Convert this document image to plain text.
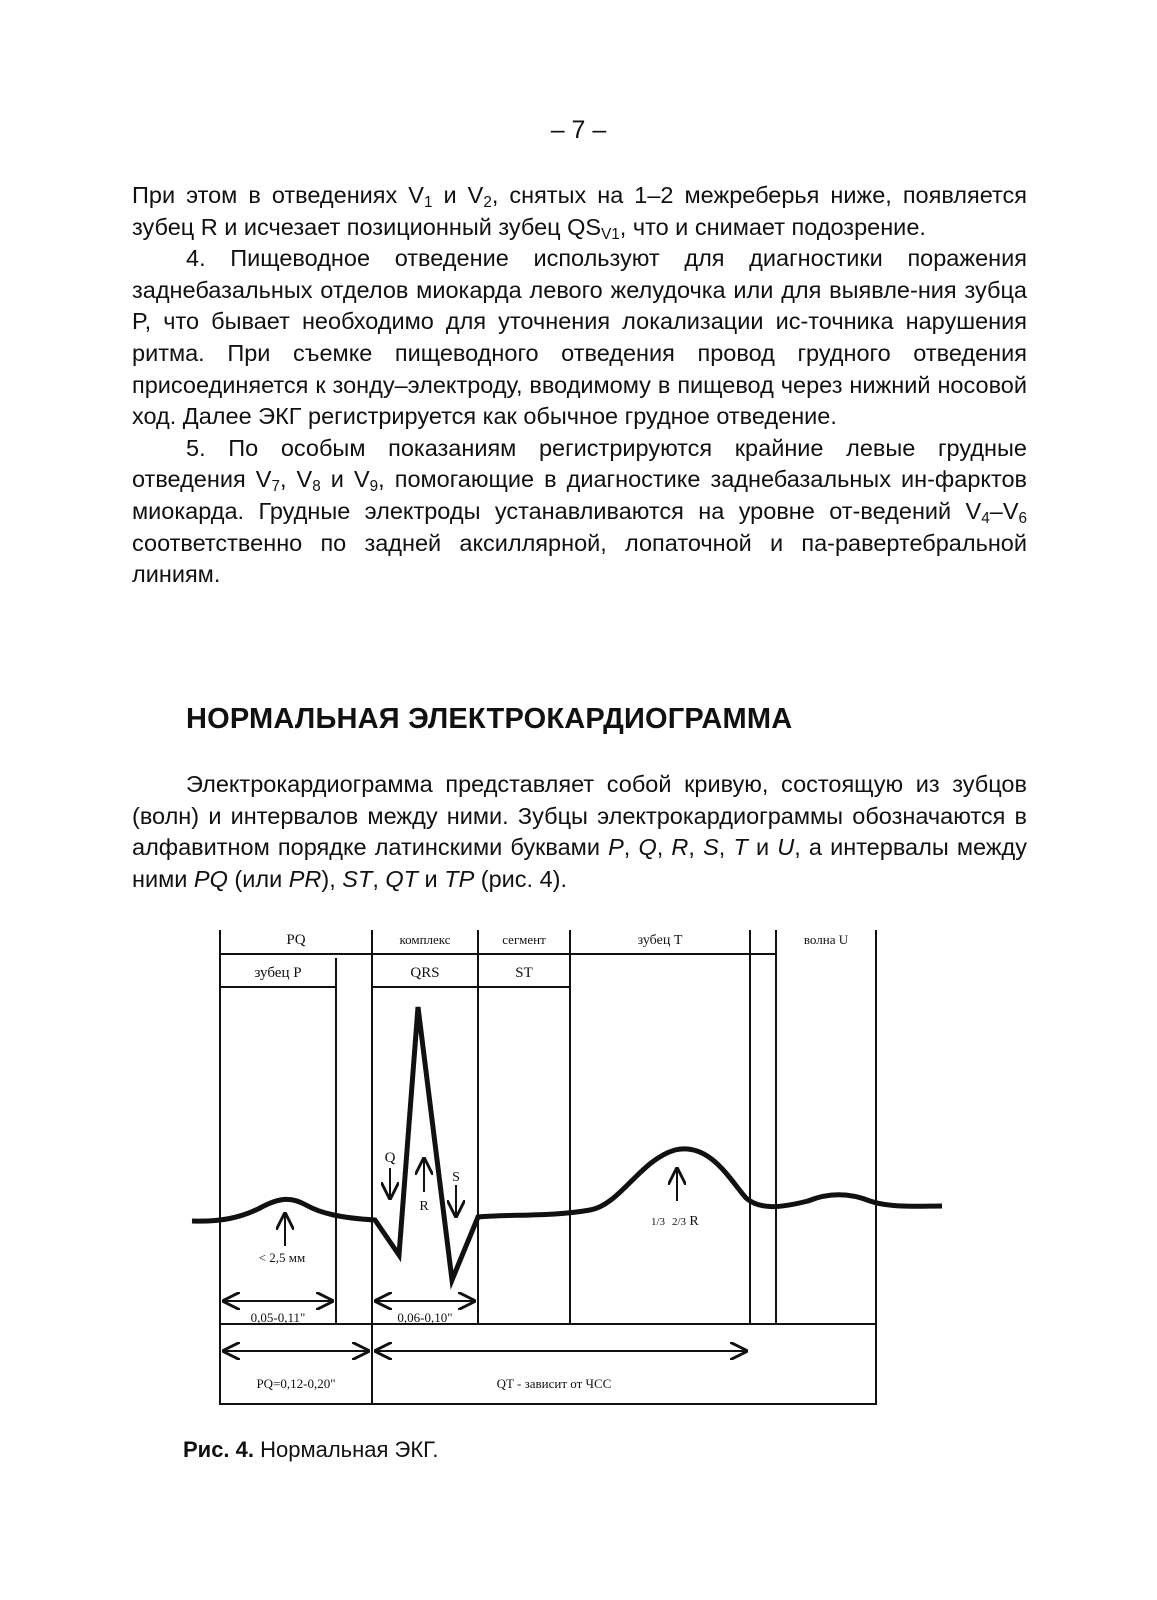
– 7 –

При этом в отведениях $V_1$ и $V_2$, снятых на 1–2 межреберья ниже, появляется зубец R и исчезает позиционный зубец $QS_{V1}$, что и снимает подозрение.

4. Пищеводное отведение используют для диагностики поражения заднебазальных отделов миокарда левого желудочка или для выявле-ния зубца P, что бывает необходимо для уточнения локализации ис-точника нарушения ритма. При съемке пищеводного отведения провод грудного отведения присоединяется к зонду–электроду, вводимому в пищевод через нижний носовой ход. Далее ЭКГ регистрируется как обычное грудное отведение.

5. По особым показаниям регистрируются крайние левые грудные отведения $V_7$, $V_8$ и $V_9$, помогающие в диагностике заднебазальных ин-фарктов миокарда. Грудные электроды устанавливаются на уровне от-ведений $V_4-V_6$ соответственно по задней аксиллярной, лопаточной и па-равертебральной линиям.

НОРМАЛЬНАЯ ЭЛЕКТРОКАРДИОГРАММА
Электрокардиограмма представляет собой кривую, состоящую из зубцов (волн) и интервалов между ними. Зубцы электрокардиограммы обозначаются в алфавитном порядке латинскими буквами P, Q, R, S, T и U, а интервалы между ними PQ (или PR), ST, QT и TP (рис. 4).
PQ
зубец P
комплекс
QRS
сегмент
ST
зубец T	волна U
Q
R
S
< 2,5 мм
1/3 2/3 R
0,05-0,11"	0,06-0,10"
PQ=0,12-0,20"	QT - зависит от ЧСС
Рис. 4. Нормальная ЭКГ.
